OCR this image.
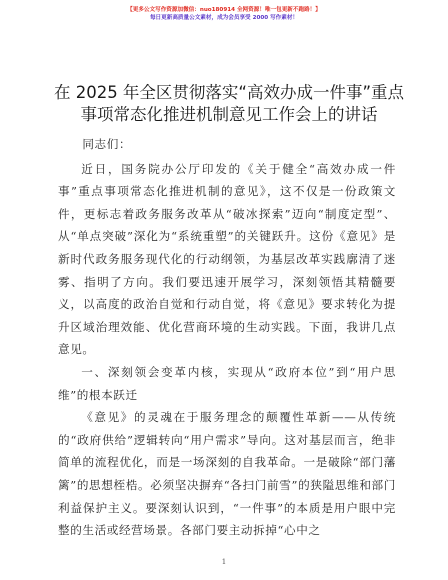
【更多公文写作资源加微信：nuo180914 全网资源！唯一包更新不跑路！】
每日更新高质量公文素材，成为会员享受 2000 写作素材！
在 2025 年全区贯彻落实“高效办成一件事”重点事项常态化推进机制意见工作会上的讲话

同志们：

近日，国务院办公厅印发的《关于健全“高效办成一件事”重点事项常态化推进机制的意见》，这不仅是一份政策文件，更标志着政务服务改革从“破冰探索”迈向“制度定型”、从“单点突破”深化为“系统重塑”的关键跃升。这份《意见》是新时代政务服务现代化的行动纲领，为基层改革实践廓清了迷雾、指明了方向。我们要迅速开展学习，深刻领悟其精髓要义，以高度的政治自觉和行动自觉，将《意见》要求转化为提升区域治理效能、优化营商环境的生动实践。下面，我讲几点意见。

一、深刻领会变革内核，实现从“政府本位”到“用户思维”的根本跃迁

《意见》的灵魂在于服务理念的颠覆性革新——从传统的“政府供给”逻辑转向“用户需求”导向。这对基层而言，绝非简单的流程优化，而是一场深刻的自我革命。一是破除“部门藩篱”的思想桎梏。必须坚决摒弃“各扫门前雪”的狭隘思维和部门利益保护主义。要深刻认识到，“一件事”的本质是用户眼中完整的生活或经营场景。各部门要主动拆掉“心中之

1
